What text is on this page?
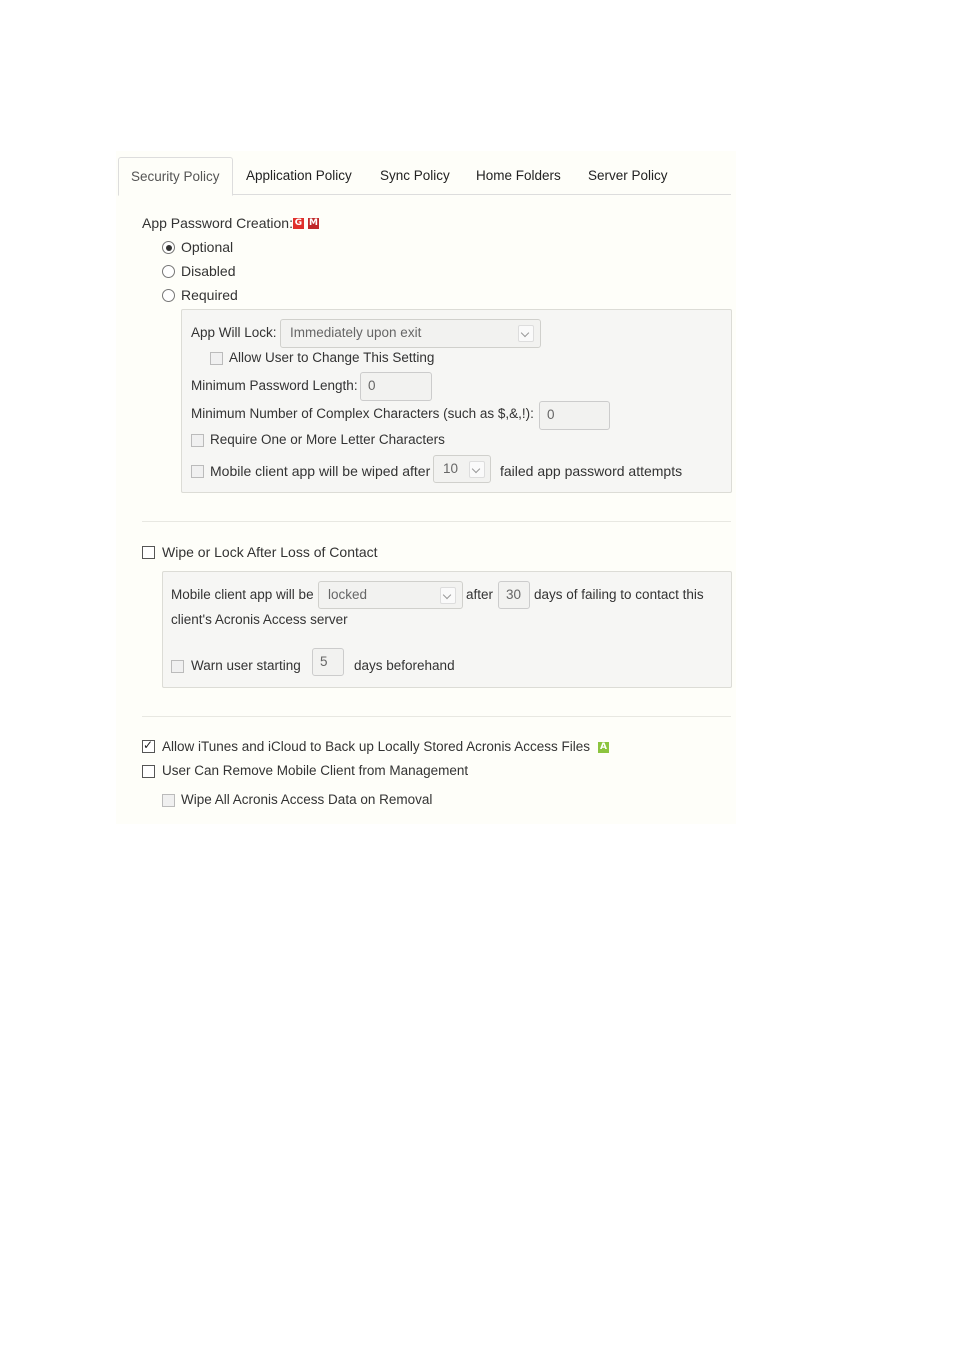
Security Policy	Application Policy Sync Policy Home Folders Server Policy
App Password Creation: G M
Optional
Disabled
Required
App Will Lock: Immediately upon exit
Allow User to Change This Setting
Minimum Password Length: 0
Minimum Number of Complex Characters (such as $,&,!): 0
Require One or More Letter Characters
Mobile client app will be wiped after 10	failed app password attempts
Wipe or Lock After Loss of Contact
Mobile client app will be locked	after 30 days of failing to contact this
client's Acronis Access server
Warn user starting	5	days beforehand
✓
Allow iTunes and iCloud to Back up Locally Stored Acronis Access Files A
User Can Remove Mobile Client from Management
Wipe All Acronis Access Data on Removal
